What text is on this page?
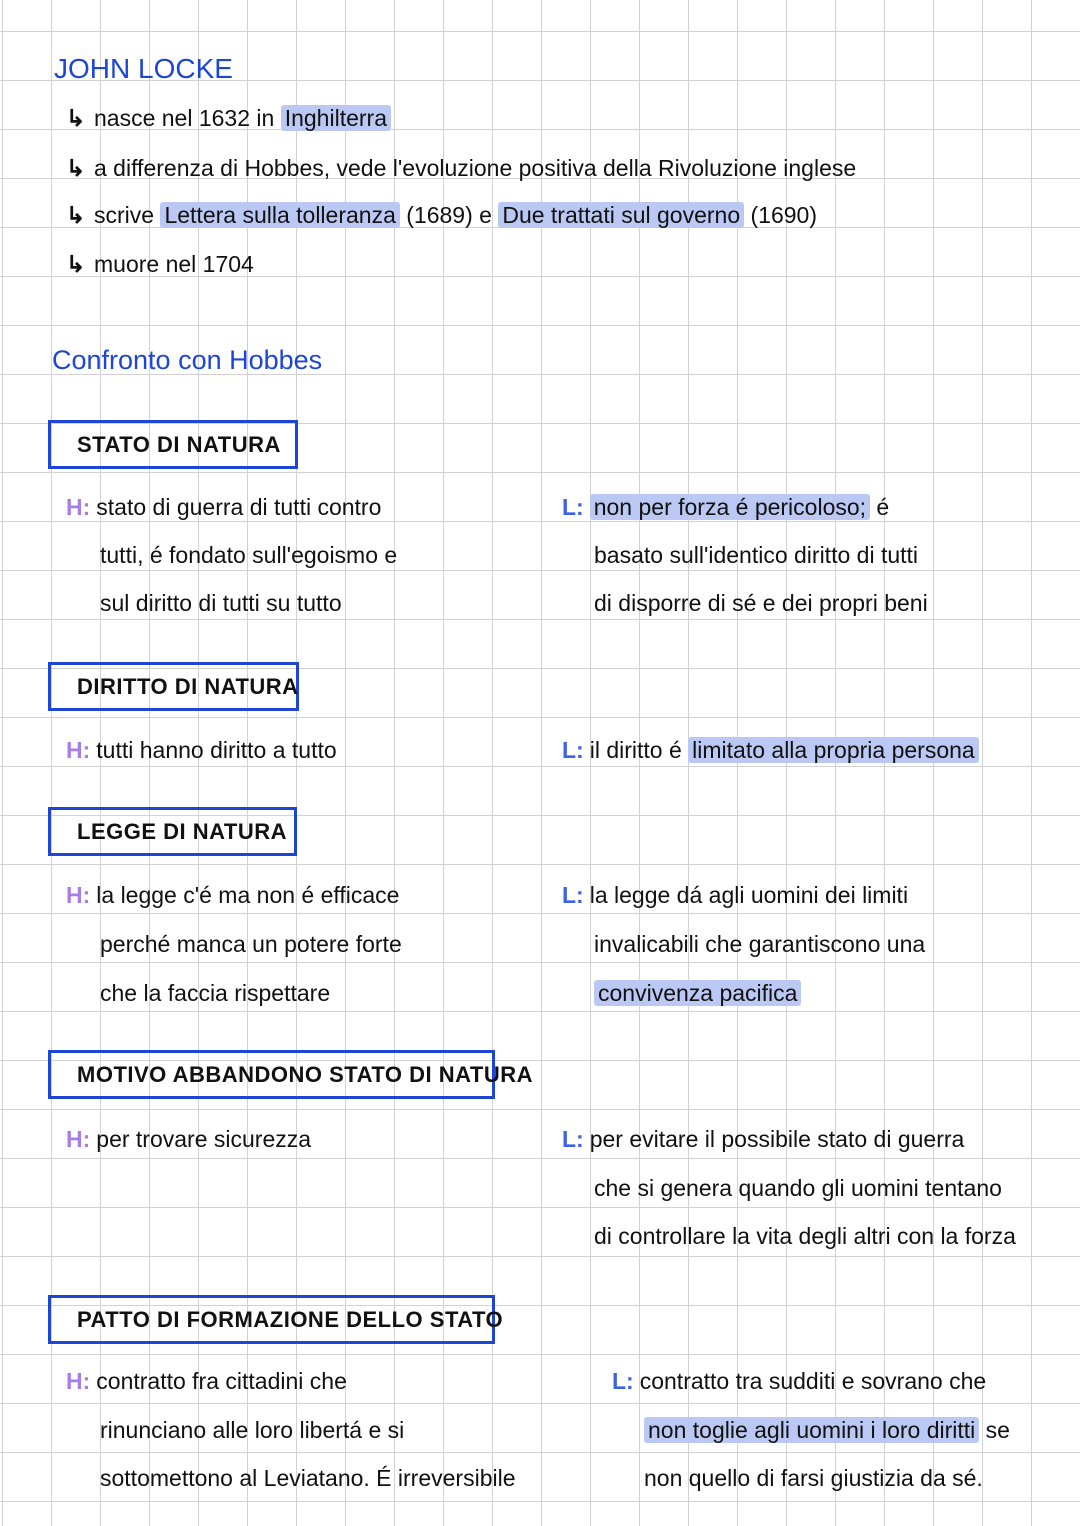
JOHN LOCKE
Confronto con Hobbes
↳ nasce nel 1632 in Inghilterra
↳ a differenza di Hobbes, vede l'evoluzione positiva della Rivoluzione inglese
↳ scrive Lettera sulla tolleranza (1689) e Due trattati sul governo (1690)
↳ muore nel 1704
STATO DI NATURA
H: stato di guerra di tutti contro
tutti, é fondato sull'egoismo e
sul diritto di tutti su tutto
L: non per forza é pericoloso; é
basato sull'identico diritto di tutti
di disporre di sé e dei propri beni
DIRITTO DI NATURA
H: tutti hanno diritto a tutto	L: il diritto é limitato alla propria persona
LEGGE DI NATURA
H: la legge c'é ma non é efficace
perché manca un potere forte
che la faccia rispettare
L: la legge dá agli uomini dei limiti
invalicabili che garantiscono una
convivenza pacifica
MOTIVO ABBANDONO STATO DI NATURA
H: per trovare sicurezza	L: per evitare il possibile stato di guerra
che si genera quando gli uomini tentano
di controllare la vita degli altri con la forza
PATTO DI FORMAZIONE DELLO STATO
H: contratto fra cittadini che
rinunciano alle loro libertá e si
sottomettono al Leviatano. É irreversibile
L: contratto tra sudditi e sovrano che
non toglie agli uomini i loro diritti se
non quello di farsi giustizia da sé.
